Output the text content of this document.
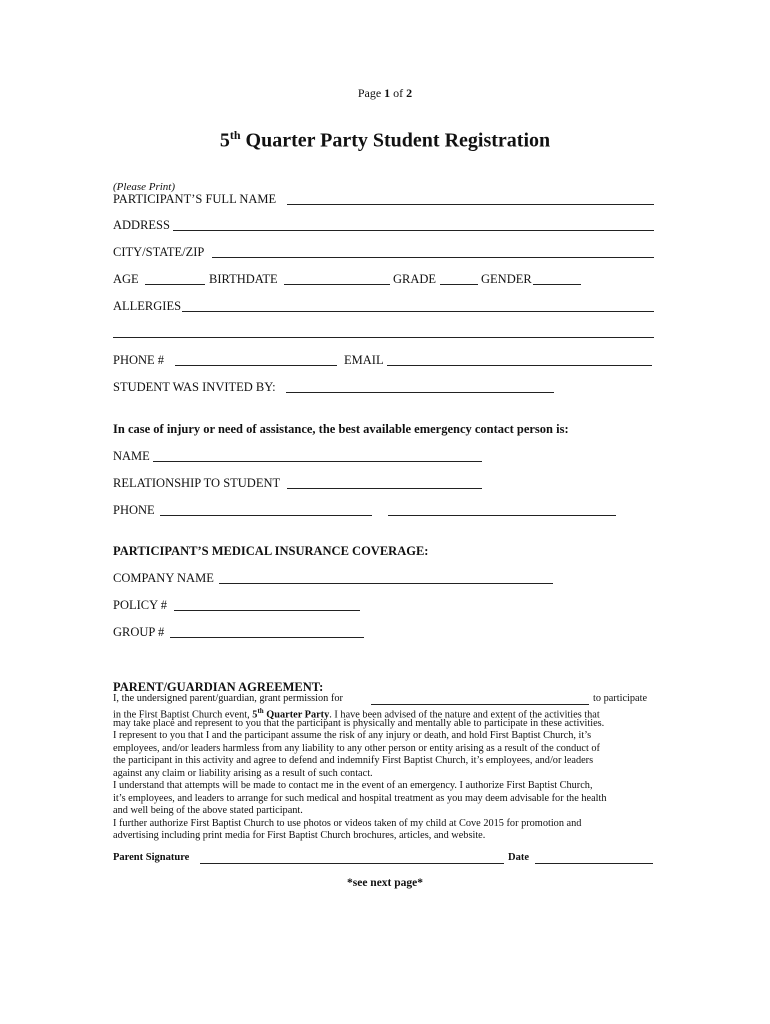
Page 1 of 2
5th Quarter Party Student Registration
(Please Print)
PARTICIPANT’S FULL NAME
ADDRESS
CITY/STATE/ZIP
AGE	BIRTHDATE	GRADE	GENDER
ALLERGIES
PHONE #	EMAIL
STUDENT WAS INVITED BY:
In case of injury or need of assistance, the best available emergency contact person is:
NAME
RELATIONSHIP TO STUDENT
PHONE
PARTICIPANT’S MEDICAL INSURANCE COVERAGE:
COMPANY NAME
POLICY #
GROUP #
PARENT/GUARDIAN AGREEMENT:
I, the undersigned parent/guardian, grant permission for	to participate
in the First Baptist Church event, 5th Quarter Party. I have been advised of the nature and extent of the activities that
may take place and represent to you that the participant is physically and mentally able to participate in these activities.
I represent to you that I and the participant assume the risk of any injury or death, and hold First Baptist Church, it’s
employees, and/or leaders harmless from any liability to any other person or entity arising as a result of the conduct of
the participant in this activity and agree to defend and indemnify First Baptist Church, it’s employees, and/or leaders
against any claim or liability arising as a result of such contact.
I understand that attempts will be made to contact me in the event of an emergency. I authorize First Baptist Church,
it’s employees, and leaders to arrange for such medical and hospital treatment as you may deem advisable for the health
and well being of the above stated participant.
I further authorize First Baptist Church to use photos or videos taken of my child at Cove 2015 for promotion and
advertising including print media for First Baptist Church brochures, articles, and website.
Parent Signature	Date
*see next page*
